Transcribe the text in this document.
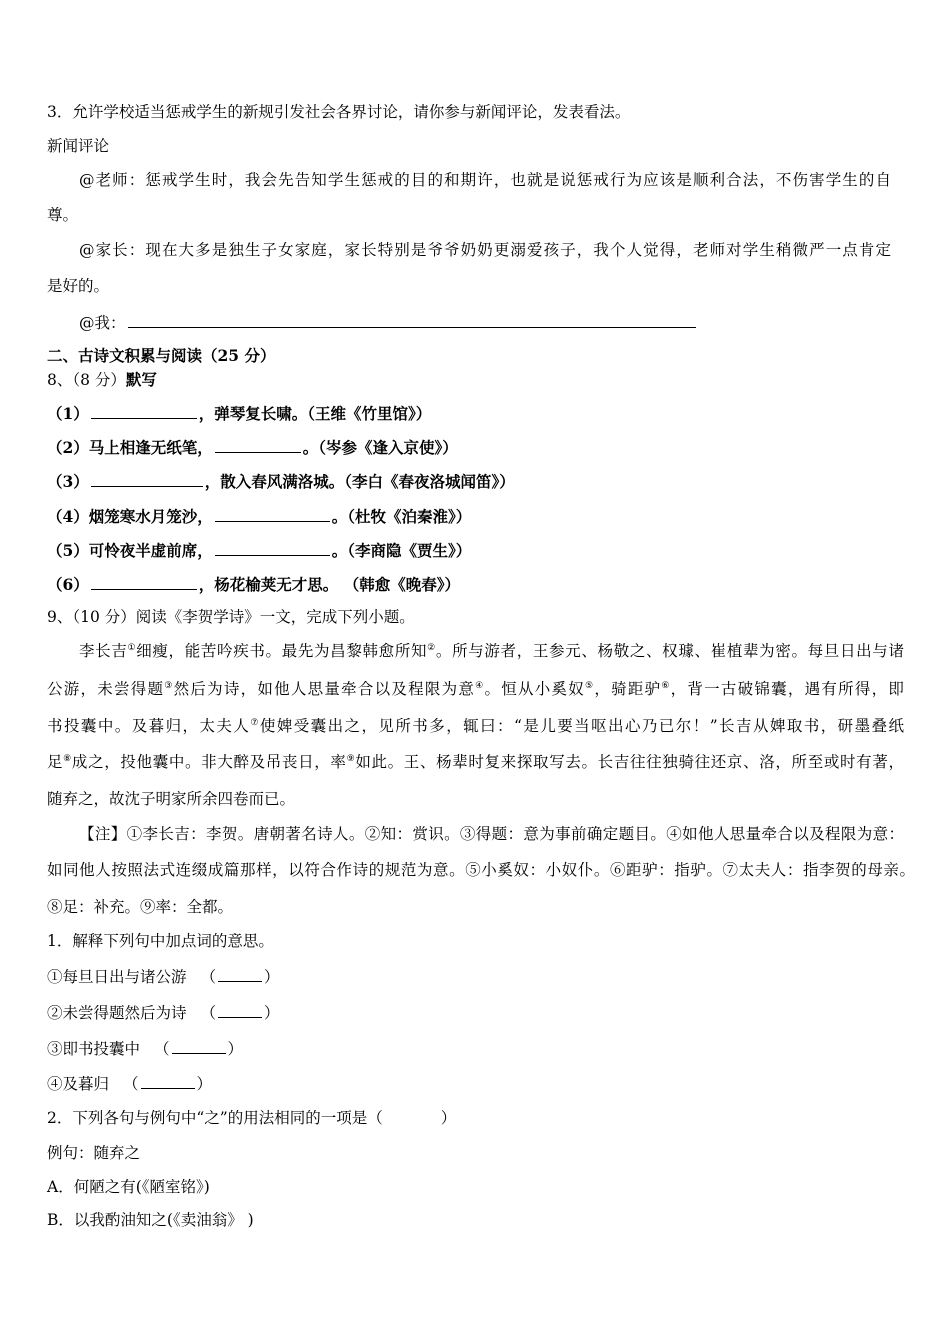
3．允许学校适当惩戒学生的新规引发社会各界讨论，请你参与新闻评论，发表看法。
新闻评论
@老师：惩戒学生时，我会先告知学生惩戒的目的和期许，也就是说惩戒行为应该是顺利合法，不伤害学生的自
尊。
@家长：现在大多是独生子女家庭，家长特别是爷爷奶奶更溺爱孩子，我个人觉得，老师对学生稍微严一点肯定
是好的。
@我：
二、古诗文积累与阅读（25 分）
8、（8 分）默写
（1）	，弹琴复长啸。（王维《竹里馆》）
（2）马上相逢无纸笔，	。（岑参《逢入京使》）
（3）	，散入春风满洛城。（李白《春夜洛城闻笛》）
（4）烟笼寒水月笼沙，	。（杜牧《泊秦淮》）
（5）可怜夜半虚前席，	。（李商隐《贾生》）
（6）	，杨花榆荚无才思。 （韩愈《晚春》）
9、（10 分）阅读《李贺学诗》一文，完成下列小题。
李长吉①细瘦，能苦吟疾书。最先为昌黎韩愈所知②。所与游者，王参元、杨敬之、权璩、崔植辈为密。每旦日出与诸
公游，未尝得题③然后为诗，如他人思量牵合以及程限为意④。恒从小奚奴⑤，骑距驴⑥，背一古破锦囊，遇有所得，即
书投囊中。及暮归，太夫人⑦使婢受囊出之，见所书多，辄曰：“是儿要当呕出心乃已尔！”长吉从婢取书，研墨叠纸
足⑧成之，投他囊中。非大醉及吊丧日，率⑨如此。王、杨辈时复来探取写去。长吉往往独骑往还京、洛，所至或时有著，
随弃之，故沈子明家所余四卷而已。
【注】①李长吉：李贺。唐朝著名诗人。②知：赏识。③得题：意为事前确定题目。④如他人思量牵合以及程限为意：
如同他人按照法式连缀成篇那样，以符合作诗的规范为意。⑤小奚奴：小奴仆。⑥距驴：指驴。⑦太夫人：指李贺的母亲。
⑧足：补充。⑨率：全都。
1．解释下列句中加点词的意思。
①每旦日出与诸公游 （	）
②未尝得题然后为诗 （	）
③即书投囊中 （	）
④及暮归 （	）
2．下列各句与例句中“之”的用法相同的一项是（	）
例句：随弃之
A．何陋之有(《陋室铭》)
B．以我酌油知之(《卖油翁》 )
